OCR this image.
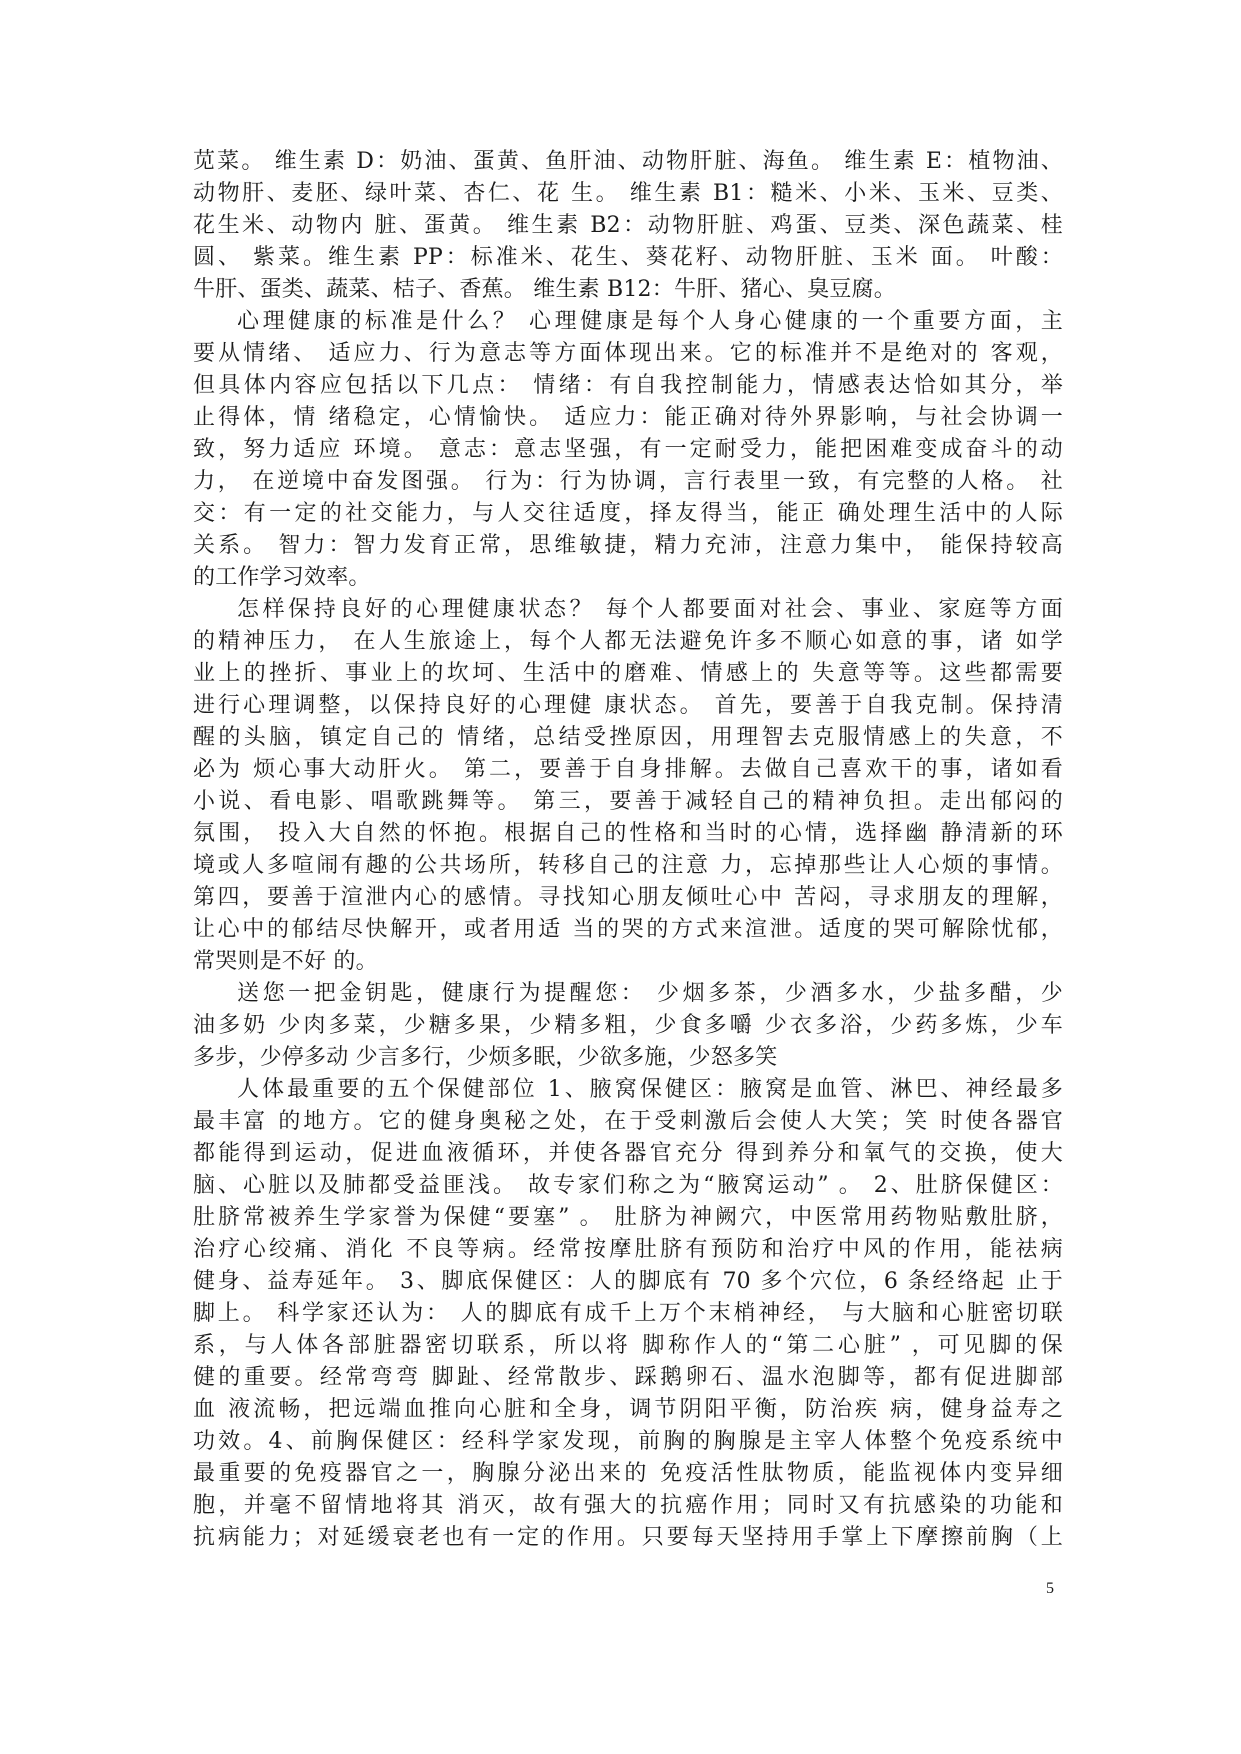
苋菜。 维生素 D：奶油、蛋黄、鱼肝油、动物肝脏、海鱼。 维生素 E：植物油、
动物肝、麦胚、绿叶菜、杏仁、花 生。 维生素 B1：糙米、小米、玉米、豆类、
花生米、动物内 脏、蛋黄。 维生素 B2：动物肝脏、鸡蛋、豆类、深色蔬菜、桂
圆、 紫菜。维生素 PP：标准米、花生、葵花籽、动物肝脏、玉米 面。 叶酸：
牛肝、蛋类、蔬菜、桔子、香蕉。 维生素 B12：牛肝、猪心、臭豆腐。
心理健康的标准是什么？ 心理健康是每个人身心健康的一个重要方面，主
要从情绪、 适应力、行为意志等方面体现出来。它的标准并不是绝对的 客观，
但具体内容应包括以下几点： 情绪：有自我控制能力，情感表达恰如其分，举
止得体，情 绪稳定，心情愉快。 适应力：能正确对待外界影响，与社会协调一
致，努力适应 环境。 意志：意志坚强，有一定耐受力，能把困难变成奋斗的动
力， 在逆境中奋发图强。 行为：行为协调，言行表里一致，有完整的人格。 社
交：有一定的社交能力，与人交往适度，择友得当，能正 确处理生活中的人际
关系。 智力：智力发育正常，思维敏捷，精力充沛，注意力集中， 能保持较高
的工作学习效率。
怎样保持良好的心理健康状态？ 每个人都要面对社会、事业、家庭等方面
的精神压力， 在人生旅途上，每个人都无法避免许多不顺心如意的事，诸 如学
业上的挫折、事业上的坎坷、生活中的磨难、情感上的 失意等等。这些都需要
进行心理调整，以保持良好的心理健 康状态。 首先，要善于自我克制。保持清
醒的头脑，镇定自己的 情绪，总结受挫原因，用理智去克服情感上的失意，不
必为 烦心事大动肝火。 第二，要善于自身排解。去做自己喜欢干的事，诸如看
小说、看电影、唱歌跳舞等。 第三，要善于减轻自己的精神负担。走出郁闷的
氛围， 投入大自然的怀抱。根据自己的性格和当时的心情，选择幽 静清新的环
境或人多喧闹有趣的公共场所，转移自己的注意 力，忘掉那些让人心烦的事情。
第四，要善于渲泄内心的感情。寻找知心朋友倾吐心中 苦闷，寻求朋友的理解，
让心中的郁结尽快解开，或者用适 当的哭的方式来渲泄。适度的哭可解除忧郁，
常哭则是不好 的。
送您一把金钥匙，健康行为提醒您： 少烟多茶，少酒多水，少盐多醋，少
油多奶 少肉多菜，少糖多果，少精多粗，少食多嚼 少衣多浴，少药多炼，少车
多步，少停多动 少言多行，少烦多眠，少欲多施，少怒多笑
人体最重要的五个保健部位 1、腋窝保健区：腋窝是血管、淋巴、神经最多
最丰富 的地方。它的健身奥秘之处，在于受刺激后会使人大笑；笑 时使各器官
都能得到运动，促进血液循环，并使各器官充分 得到养分和氧气的交换，使大
脑、心脏以及肺都受益匪浅。 故专家们称之为“腋窝运动” 。 2、肚脐保健区：
肚脐常被养生学家誉为保健“要塞” 。 肚脐为神阙穴，中医常用药物贴敷肚脐，
治疗心绞痛、消化 不良等病。经常按摩肚脐有预防和治疗中风的作用，能祛病
健身、益寿延年。 3、脚底保健区：人的脚底有 70 多个穴位，6 条经络起 止于
脚上。 科学家还认为： 人的脚底有成千上万个末梢神经， 与大脑和心脏密切联
系，与人体各部脏器密切联系，所以将 脚称作人的“第二心脏” ，可见脚的保
健的重要。经常弯弯 脚趾、经常散步、踩鹅卵石、温水泡脚等，都有促进脚部
血 液流畅，把远端血推向心脏和全身，调节阴阳平衡，防治疾 病，健身益寿之
功效。4、前胸保健区：经科学家发现，前胸的胸腺是主宰人体整个免疫系统中
最重要的免疫器官之一，胸腺分泌出来的 免疫活性肽物质，能监视体内变异细
胞，并毫不留情地将其 消灭，故有强大的抗癌作用；同时又有抗感染的功能和
抗病能力；对延缓衰老也有一定的作用。只要每天坚持用手掌上下摩擦前胸（上
5
